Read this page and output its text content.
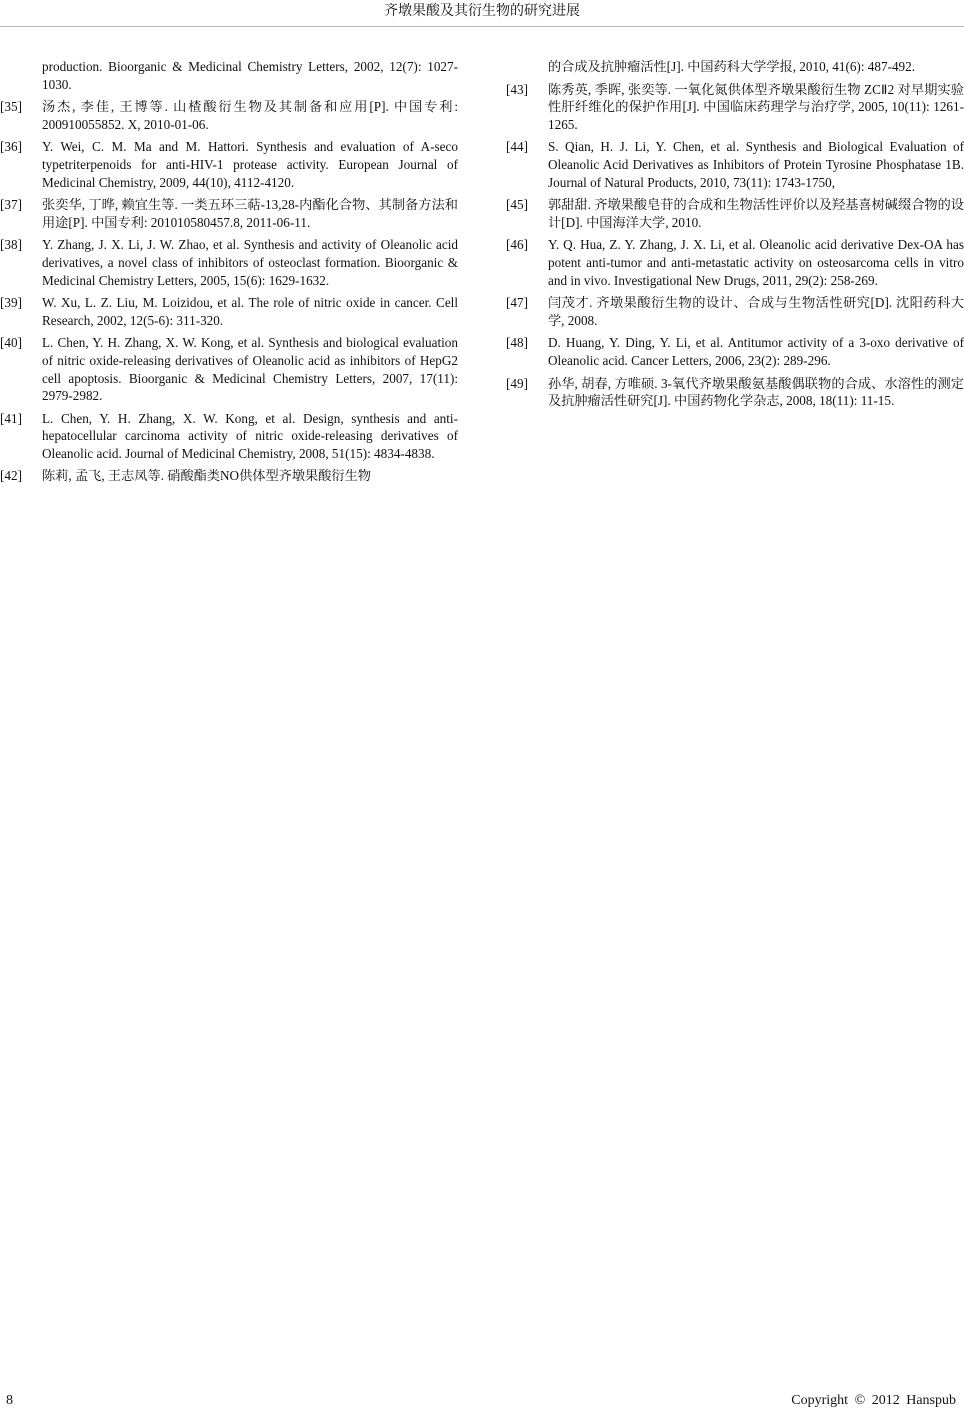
齐墩果酸及其衍生物的研究进展
production. Bioorganic & Medicinal Chemistry Letters, 2002, 12(7): 1027-1030.
[35] 汤杰, 李佳, 王博等. 山楂酸衍生物及其制备和应用[P]. 中国专利: 200910055852. X, 2010-01-06.
[36] Y. Wei, C. M. Ma and M. Hattori. Synthesis and evaluation of A-seco typetriterpenoids for anti-HIV-1 protease activity. European Journal of Medicinal Chemistry, 2009, 44(10), 4112-4120.
[37] 张奕华, 丁晔, 赖宜生等. 一类五环三萜-13,28-内酯化合物、其制备方法和用途[P]. 中国专利: 201010580457.8, 2011-06-11.
[38] Y. Zhang, J. X. Li, J. W. Zhao, et al. Synthesis and activity of Oleanolic acid derivatives, a novel class of inhibitors of osteoclast formation. Bioorganic & Medicinal Chemistry Letters, 2005, 15(6): 1629-1632.
[39] W. Xu, L. Z. Liu, M. Loizidou, et al. The role of nitric oxide in cancer. Cell Research, 2002, 12(5-6): 311-320.
[40] L. Chen, Y. H. Zhang, X. W. Kong, et al. Synthesis and biological evaluation of nitric oxide-releasing derivatives of Oleanolic acid as inhibitors of HepG2 cell apoptosis. Bioorganic & Medicinal Chemistry Letters, 2007, 17(11): 2979-2982.
[41] L. Chen, Y. H. Zhang, X. W. Kong, et al. Design, synthesis and anti-hepatocellular carcinoma activity of nitric oxide-releasing derivatives of Oleanolic acid. Journal of Medicinal Chemistry, 2008, 51(15): 4834-4838.
[42] 陈莉, 孟飞, 王志凤等. 硝酸酯类NO供体型齐墩果酸衍生物
的合成及抗肿瘤活性[J]. 中国药科大学学报, 2010, 41(6): 487-492.
[43] 陈秀英, 季晖, 张奕等. 一氧化氮供体型齐墩果酸衍生物 ZCⅡ2 对早期实验性肝纤维化的保护作用[J]. 中国临床药理学与治疗学, 2005, 10(11): 1261-1265.
[44] S. Qian, H. J. Li, Y. Chen, et al. Synthesis and Biological Evaluation of Oleanolic Acid Derivatives as Inhibitors of Protein Tyrosine Phosphatase 1B. Journal of Natural Products, 2010, 73(11): 1743-1750,
[45] 郭甜甜. 齐墩果酸皂苷的合成和生物活性评价以及羟基喜树碱缀合物的设计[D]. 中国海洋大学, 2010.
[46] Y. Q. Hua, Z. Y. Zhang, J. X. Li, et al. Oleanolic acid derivative Dex-OA has potent anti-tumor and anti-metastatic activity on osteosarcoma cells in vitro and in vivo. Investigational New Drugs, 2011, 29(2): 258-269.
[47] 闫茂才. 齐墩果酸衍生物的设计、合成与生物活性研究[D]. 沈阳药科大学, 2008.
[48] D. Huang, Y. Ding, Y. Li, et al. Antitumor activity of a 3-oxo derivative of Oleanolic acid. Cancer Letters, 2006, 23(2): 289-296.
[49] 孙华, 胡春, 方唯硕. 3-氧代齐墩果酸氨基酸偶联物的合成、水溶性的测定及抗肿瘤活性研究[J]. 中国药物化学杂志, 2008, 18(11): 11-15.
8	Copyright © 2012 Hanspub
